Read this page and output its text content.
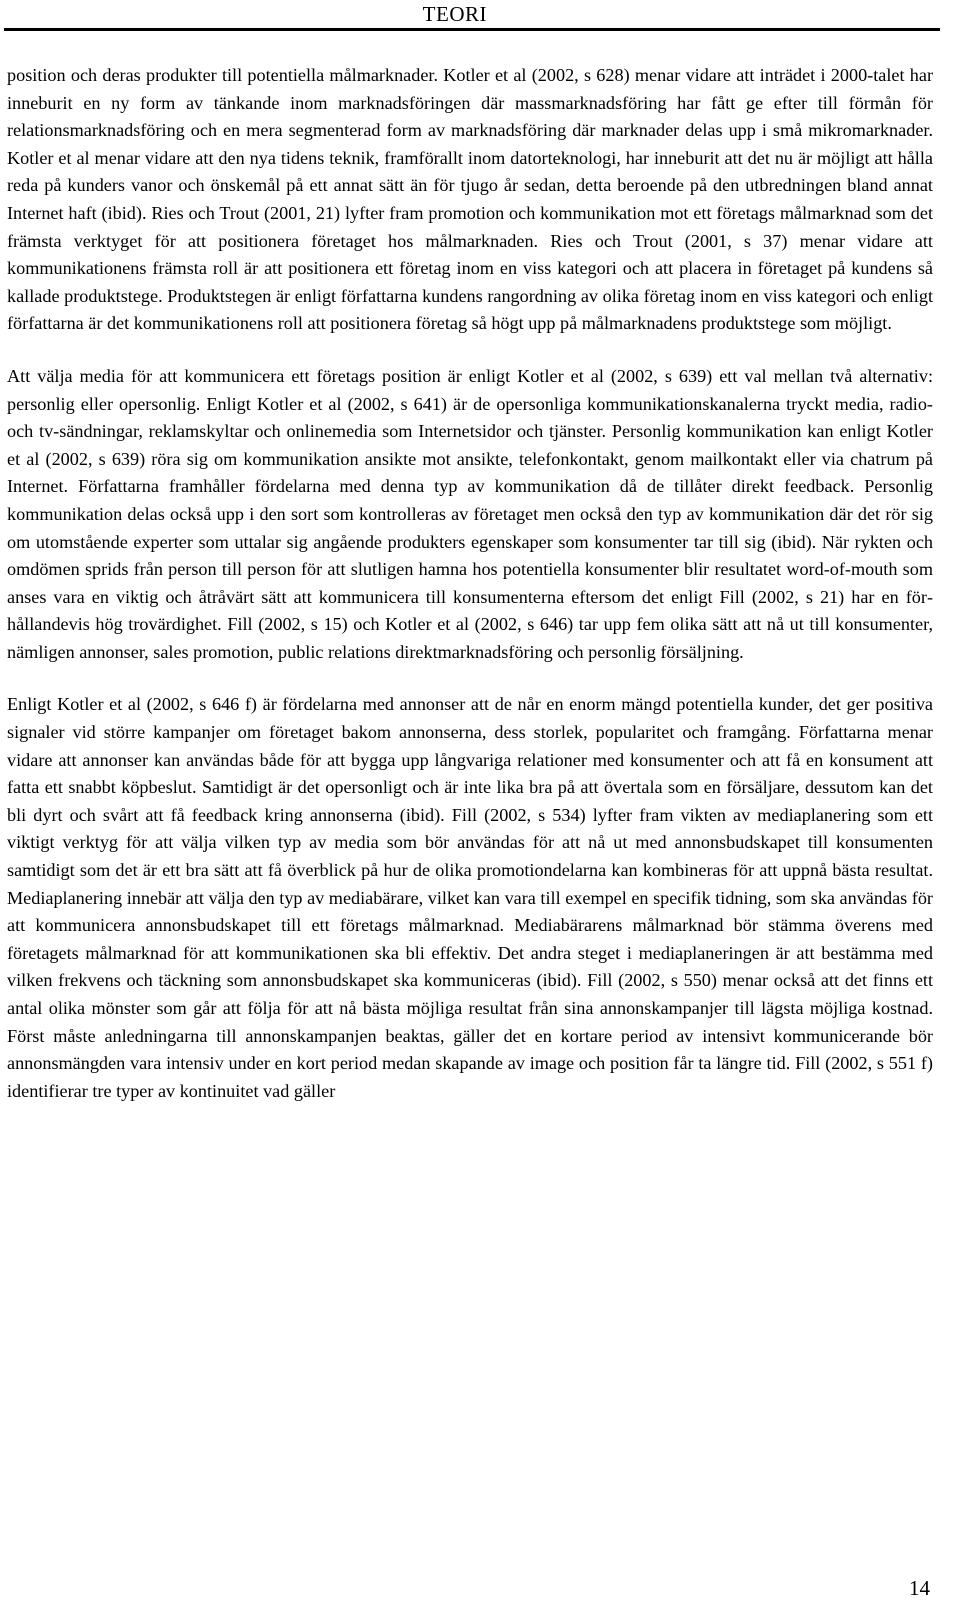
TEORI

position och deras produkter till potentiella målmarknader. Kotler et al (2002, s 628) menar vidare att inträdet i 2000-talet har inneburit en ny form av tänkande inom marknadsföringen där massmarknadsföring har fått ge efter till förmån för relationsmarknadsföring och en mera segmenterad form av marknadsföring där marknader delas upp i små mikromarknader. Kotler et al menar vidare att den nya tidens teknik, framförallt inom datorteknologi, har inneburit att det nu är möjligt att hålla reda på kunders vanor och önskemål på ett annat sätt än för tjugo år sedan, detta beroende på den utbredningen bland annat Internet haft (ibid). Ries och Trout (2001, 21) lyfter fram promotion och kommunikation mot ett företags målmarknad som det främsta verktyget för att positionera företaget hos målmarknaden. Ries och Trout (2001, s 37) menar vidare att kommunikationens främsta roll är att positionera ett företag inom en viss kategori och att placera in företaget på kundens så kallade produktstege. Produktstegen är enligt författarna kundens rangordning av olika företag inom en viss kategori och enligt författarna är det kommunikationens roll att positionera företag så högt upp på målmarknadens produktstege som möjligt.

Att välja media för att kommunicera ett företags position är enligt Kotler et al (2002, s 639) ett val mellan två alternativ: personlig eller opersonlig. Enligt Kotler et al (2002, s 641) är de opersonliga kommunikationskanalerna tryckt media, radio- och tv-sändningar, reklamskyltar och onlinemedia som Internetsidor och tjänster. Personlig kommunikation kan enligt Kotler et al (2002, s 639) röra sig om kommunikation ansikte mot ansikte, telefonkontakt, genom mailkontakt eller via chatrum på Internet. Författarna framhåller fördelarna med denna typ av kommunikation då de tillåter direkt feedback. Personlig kommunikation delas också upp i den sort som kontrolleras av företaget men också den typ av kommunikation där det rör sig om utomstående experter som uttalar sig angående produkters egenskaper som konsumenter tar till sig (ibid). När rykten och omdömen sprids från person till person för att slutligen hamna hos potentiella konsumenter blir resultatet word-of-mouth som anses vara en viktig och åtråvärt sätt att kommunicera till konsumenterna eftersom det enligt Fill (2002, s 21) har en förhållandevis hög trovärdighet. Fill (2002, s 15) och Kotler et al (2002, s 646) tar upp fem olika sätt att nå ut till konsumenter, nämligen annonser, sales promotion, public relations direktmarknadsföring och personlig försäljning.

Enligt Kotler et al (2002, s 646 f) är fördelarna med annonser att de når en enorm mängd potentiella kunder, det ger positiva signaler vid större kampanjer om företaget bakom annonserna, dess storlek, popularitet och framgång. Författarna menar vidare att annonser kan användas både för att bygga upp långvariga relationer med konsumenter och att få en konsument att fatta ett snabbt köpbeslut. Samtidigt är det opersonligt och är inte lika bra på att övertala som en försäljare, dessutom kan det bli dyrt och svårt att få feedback kring annonserna (ibid). Fill (2002, s 534) lyfter fram vikten av mediaplanering som ett viktigt verktyg för att välja vilken typ av media som bör användas för att nå ut med annonsbudskapet till konsumenten samtidigt som det är ett bra sätt att få överblick på hur de olika promotiondelarna kan kombineras för att uppnå bästa resultat. Mediaplanering innebär att välja den typ av mediabärare, vilket kan vara till exempel en specifik tidning, som ska användas för att kommunicera annonsbudskapet till ett företags målmarknad. Mediabärarens målmarknad bör stämma överens med företagets målmarknad för att kommunikationen ska bli effektiv. Det andra steget i mediaplaneringen är att bestämma med vilken frekvens och täckning som annonsbudskapet ska kommuniceras (ibid). Fill (2002, s 550) menar också att det finns ett antal olika mönster som går att följa för att nå bästa möjliga resultat från sina annonskampanjer till lägsta möjliga kostnad. Först måste anledningarna till annonskampanjen beaktas, gäller det en kortare period av intensivt kommunicerande bör annonsmängden vara intensiv under en kort period medan skapande av image och position får ta längre tid. Fill (2002, s 551 f) identifierar tre typer av kontinuitet vad gäller

14
